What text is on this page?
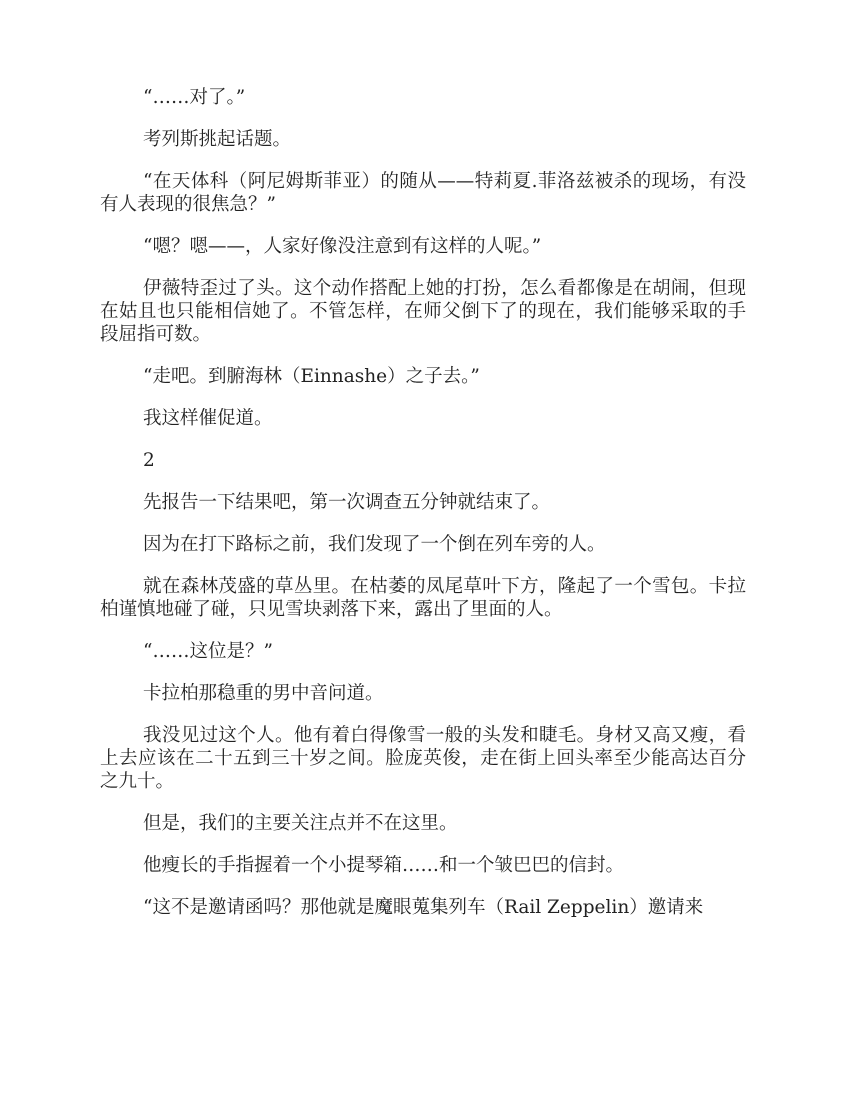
“……对了。”

考列斯挑起话题。

“在天体科（阿尼姆斯菲亚）的随从——特莉夏.菲洛兹被杀的现场，有没有人表现的很焦急？”

“嗯？嗯——，人家好像没注意到有这样的人呢。”

伊薇特歪过了头。这个动作搭配上她的打扮，怎么看都像是在胡闹，但现在姑且也只能相信她了。不管怎样，在师父倒下了的现在，我们能够采取的手段屈指可数。

“走吧。到腑海林（Einnashe）之子去。”

我这样催促道。

2

先报告一下结果吧，第一次调查五分钟就结束了。

因为在打下路标之前，我们发现了一个倒在列车旁的人。

就在森林茂盛的草丛里。在枯萎的凤尾草叶下方，隆起了一个雪包。卡拉柏谨慎地碰了碰，只见雪块剥落下来，露出了里面的人。

“……这位是？”

卡拉柏那稳重的男中音问道。

我没见过这个人。他有着白得像雪一般的头发和睫毛。身材又高又瘦，看上去应该在二十五到三十岁之间。脸庞英俊，走在街上回头率至少能高达百分之九十。

但是，我们的主要关注点并不在这里。

他瘦长的手指握着一个小提琴箱……和一个皱巴巴的信封。

“这不是邀请函吗？那他就是魔眼蒐集列车（Rail Zeppelin）邀请来
